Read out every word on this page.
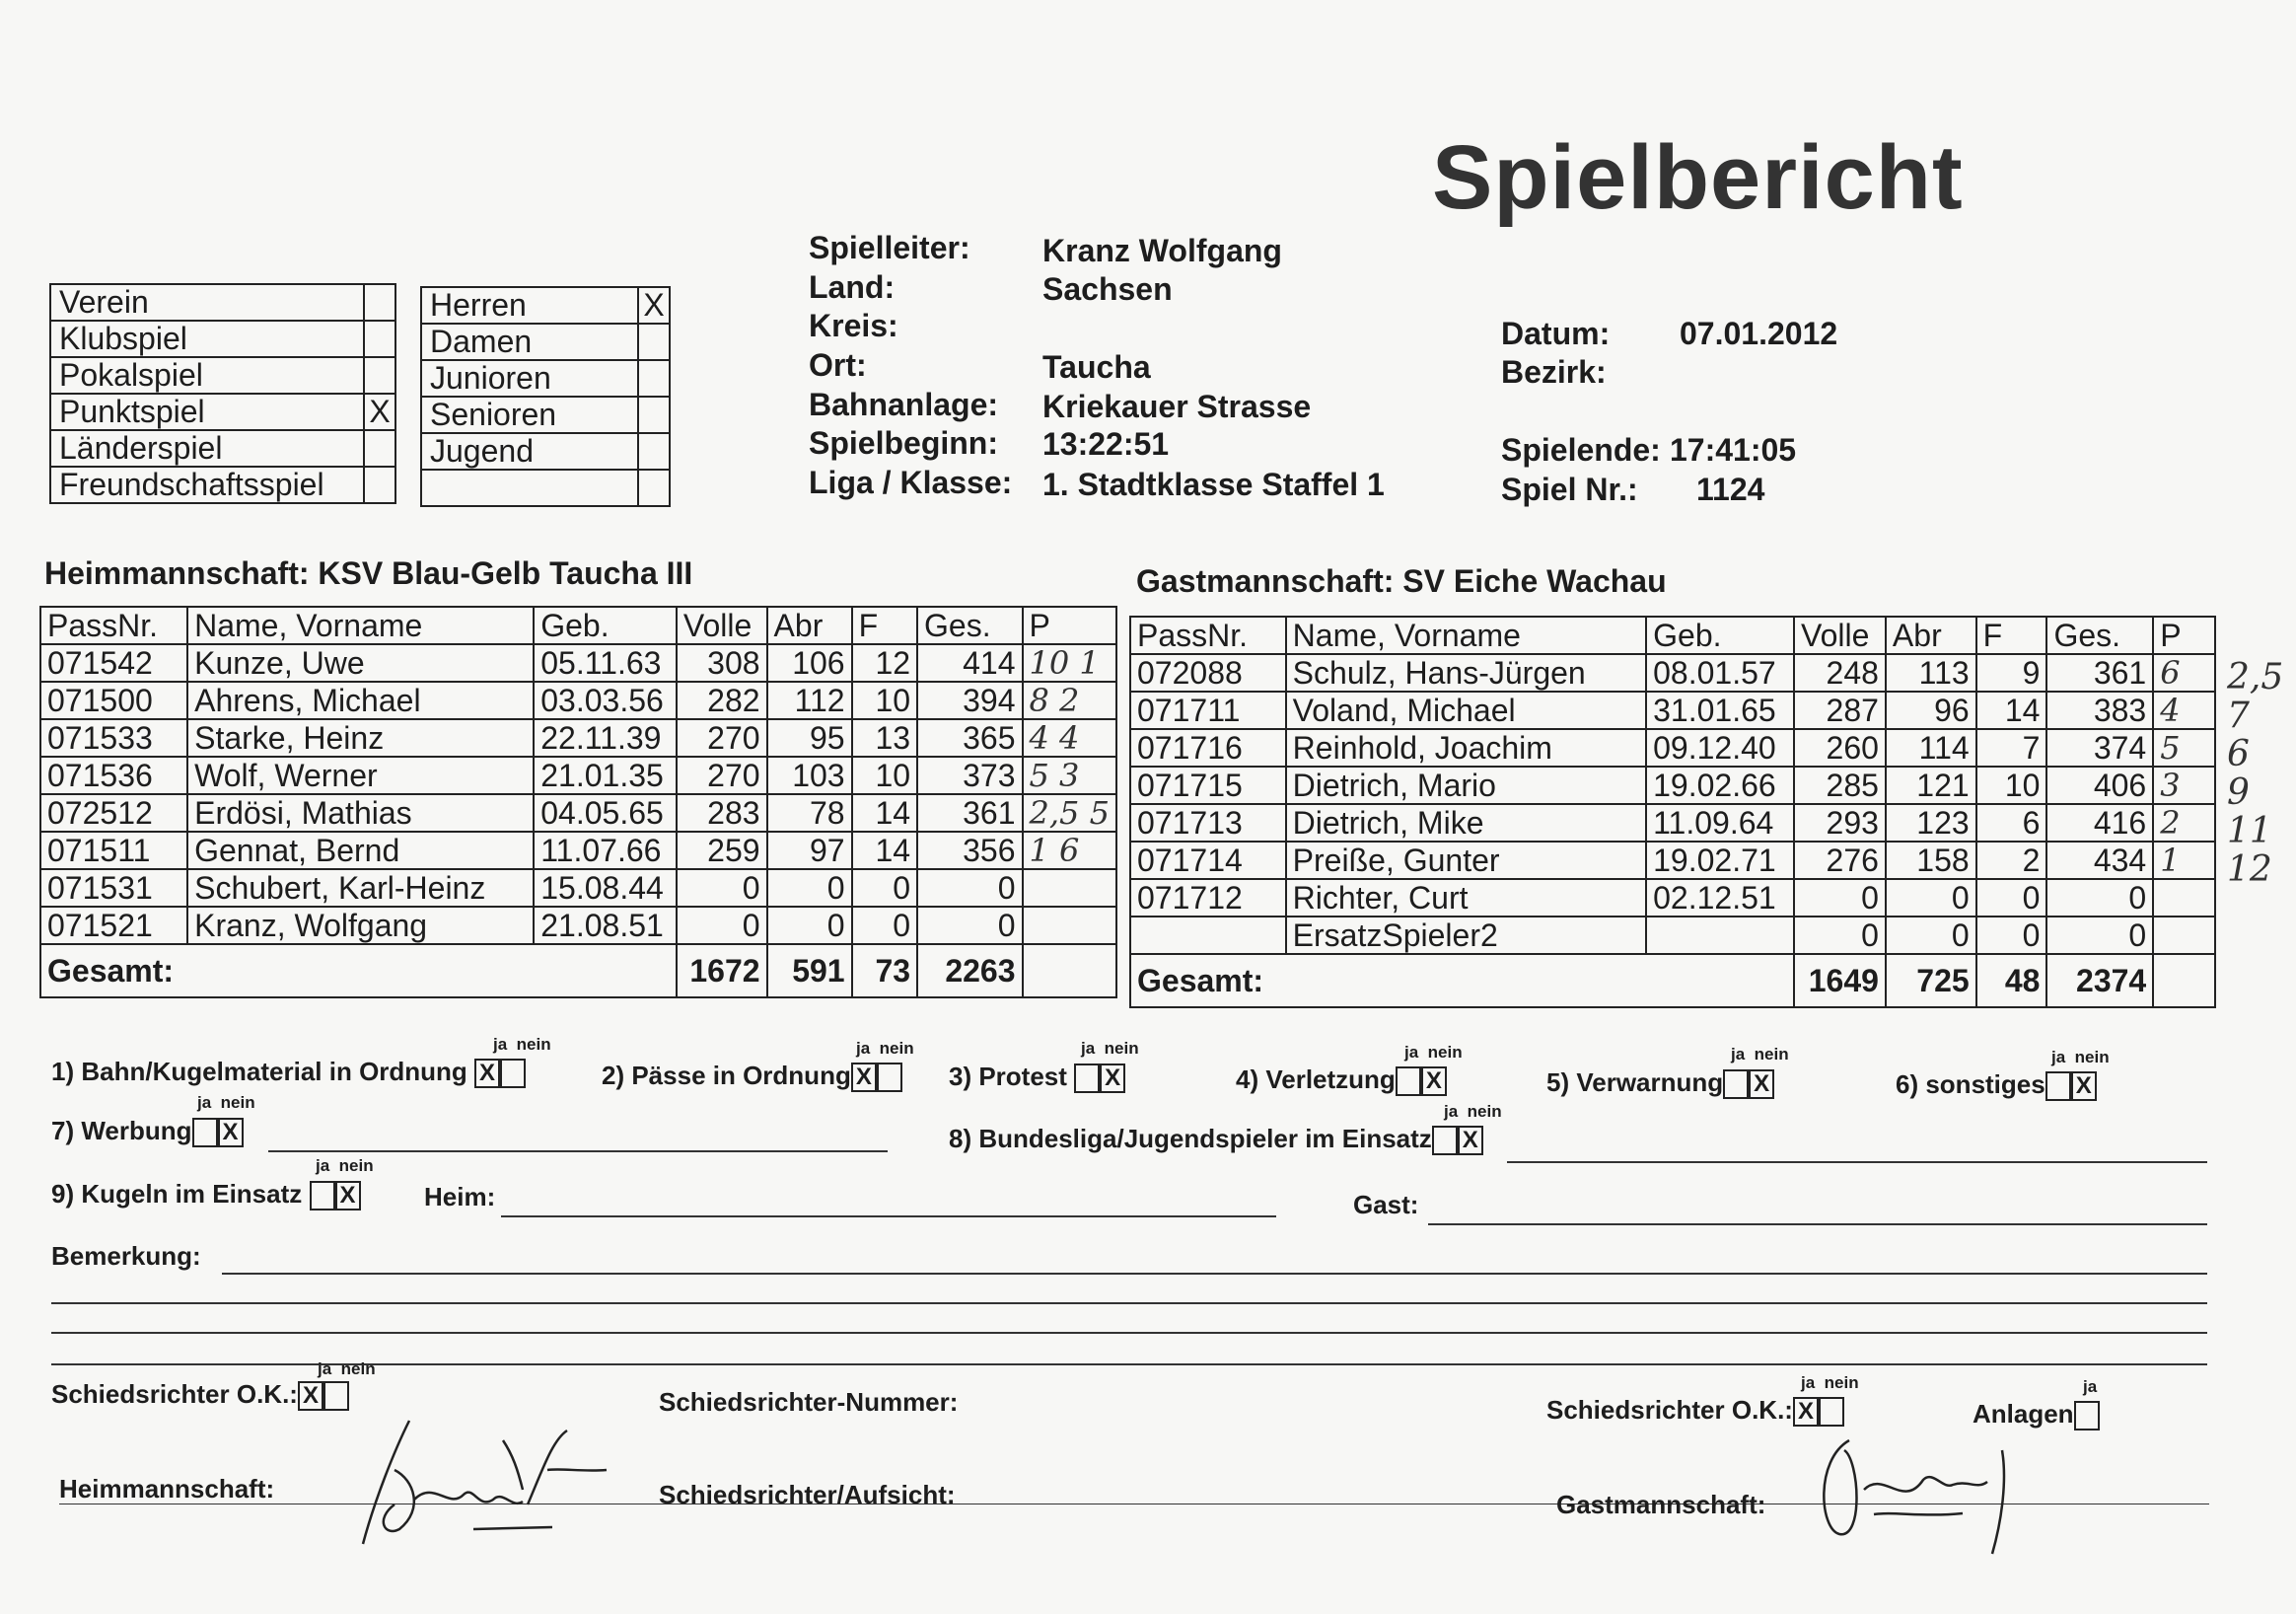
Spielbericht
Verein	
Klubspiel	
Pokalspiel	
Punktspiel	X
Länderspiel	
Freundschaftsspiel	
Herren	X
Damen	
Junioren	
Senioren	
Jugend	

Spielleiter: Kranz Wolfgang
Land:	Sachsen
Kreis:
Ort:	Taucha
Bahnanlage: Kriekauer Strasse
Spielbeginn: 13:22:51
Liga / Klasse: 1. Stadtklasse Staffel 1
Datum: 07.01.2012
Bezirk:
Spielende: 17:41:05
Spiel Nr.: 1124
Heimmannschaft: KSV Blau-Gelb Taucha III	Gastmannschaft: SV Eiche Wachau
PassNr.	Name, Vorname	Geb.	Volle	Abr	F	Ges.	P
071542	Kunze, Uwe	05.11.63	308	106	12	414	10 1
071500	Ahrens, Michael	03.03.56	282	112	10	394	8 2
071533	Starke, Heinz	22.11.39	270	95	13	365	4 4
071536	Wolf, Werner	21.01.35	270	103	10	373	5 3
072512	Erdösi, Mathias	04.05.65	283	78	14	361	2,5 5
071511	Gennat, Bernd	11.07.66	259	97	14	356	1 6
071531	Schubert, Karl-Heinz	15.08.44	0	0	0	0	
071521	Kranz, Wolfgang	21.08.51	0	0	0	0	
Gesamt:			1672	591	73	2263	
PassNr.	Name, Vorname	Geb.	Volle	Abr	F	Ges.	P
072088	Schulz, Hans-Jürgen	08.01.57	248	113	9	361	6
071711	Voland, Michael	31.01.65	287	96	14	383	4
071716	Reinhold, Joachim	09.12.40	260	114	7	374	5
071715	Dietrich, Mario	19.02.66	285	121	10	406	3
071713	Dietrich, Mike	11.09.64	293	123	6	416	2
071714	Preiße, Gunter	19.02.71	276	158	2	434	1
071712	Richter, Curt	02.12.51	0	0	0	0	
	ErsatzSpieler2		0	0	0	0	
Gesamt:			1649	725	48	2374	
2,5
7
6
9
11
12
1) Bahn/Kugelmaterial in Ordnung X
ja nein
2) Pässe in Ordnung X
ja nein
3) Protest X
ja nein
4) Verletzung X
ja nein
5) Verwarnung X
ja nein
6) sonstiges X
ja nein
7) Werbung X
ja nein
8) Bundesliga/Jugendspieler im Einsatz X
ja nein
9) Kugeln im Einsatz X
ja nein
Heim:	Gast:
Bemerkung:
Schiedsrichter O.K.: X
ja nein
Schiedsrichter-Nummer:	Schiedsrichter O.K.: X
ja nein
Anlagen
ja
Heimmannschaft:	Schiedsrichter/Aufsicht:	Gastmannschaft:
